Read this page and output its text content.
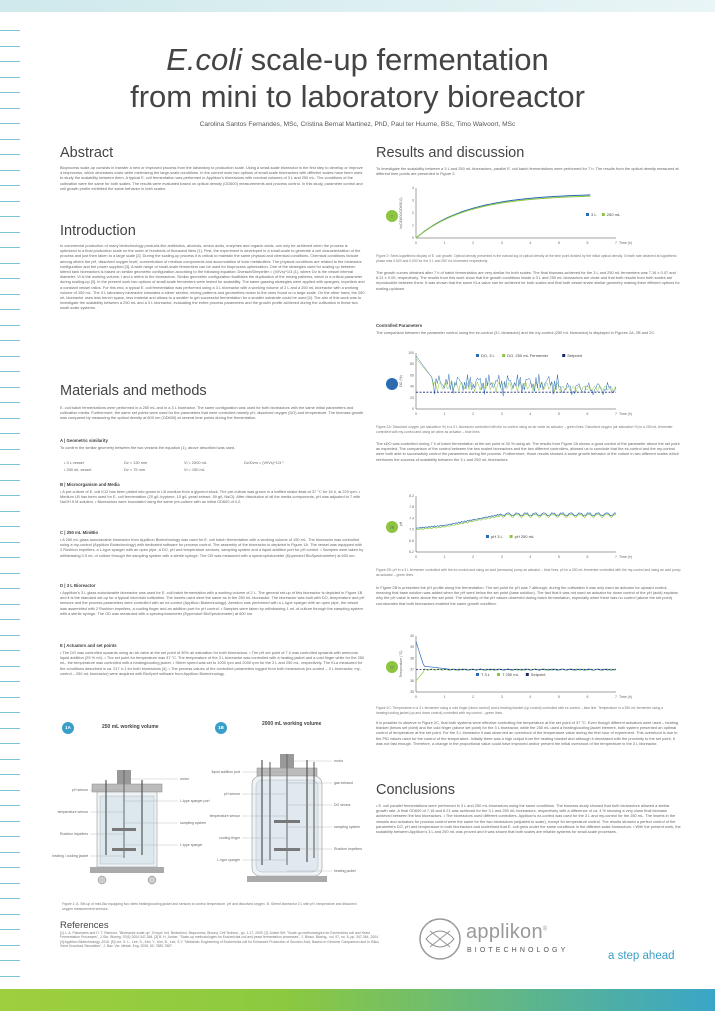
E.coli scale-up fermentation
from mini to laboratory bioreactor
Carolina Santos Fernandes, MSc, Cristina Bernal Martinez, PhD, Paul ter Huurne, BSc, Timo Walvoort, MSc
Abstract

Bioprocess scale-up consists in transfer a new or improved process from the laboratory to production scale. Using a small-scale bioreactor is the first step to develop or improve a bioprocess, which decreases costs while minimizing the large-scale conditions. In the current work two options of small-scale bioreactors with different scales have been used to study the scalability between them. A typical E. coli fermentation was performed in Applikon's bioreactors with nominal volumes of 3 L and 250 mL. The conditions of the cultivation were the same for both scales. The results were evaluated based on optical density (OD600) measurements and process control. In this study, parameter control and cell growth profile exhibited the same behavior in both scales.

Introduction

In commercial production of many biotechnology products like antibiotics, alcohols, amino acids, enzymes and organic acids, can only be achieved when the process is optimized to a final production scale on the order of hundreds of thousand liters [1]. First, the experiment is developed in a small-scale to generate a cell characterization of the process and just then taken to a large scale [2]. During the scaling-up process it is critical to maintain the same physical and chemical conditions. Chemical conditions include among others the pH, dissolved oxygen level, concentration of medium components and accumulation of toxic metabolites. The physical conditions are related to the bioreactor configuration and the power supplied [3]. A wide range of small-scale fermenters can be used for bioprocess optimization. One of the strategies used for scaling up between stirred tank bioreactors is based on similar geometric configuration according to the following equation: Dvessel/Dimpeller = (Vl/Vs)^1/3 (1), where Dv is the vessel internal diameter, Vl is the working volume, l and s refers to the bioreactors. Similar geometric configuration facilitates the duplication of the mixing patterns, which is a critical parameter during scaling-up [3]. In the present work two options of small-scale fermenters were tested for scalability. The same gassing strategies were applied with spargers, impellers and a constant vessel ratios. For this end, a typical E. coli fermentation was performed using a 3 L bioreactor with a working volume of 2 L and a 250 mL bioreactor with a working volume of 150 mL. The 3 L laboratory bioreactor simulates a stirrer section, mixing patterns and geometries closer to the ones found on a large-scale. On the other hand, the 250 mL bioreactor uses less bench space, less material and allows to a smaller to get successful fermentation for a smaller substrate could be used [4]. The aim of this work was to investigate the scalability between a 250 mL and a 3 L bioreactor, evaluating the entire process parameters and the growth profile achieved during the cultivation in these two small-scale systems.

Materials and methods

E. coli batch fermentations were performed in a 250 mL and in a 3 L bioreactor. The same configuration was used for both bioreactors with the same initial parameters and cultivation media. Furthermore, the same set points were used for the parameters that were controlled namely pH, dissolved oxygen (DO) and temperature. The biomass growth was compared by measuring the optical density at 600 nm (OD600) at several time points during the fermentation.

A | Geometric similarity

To confirm the similar geometry between the two vessels the equation (1), above described was used.

• 3 L vessel	Dv = 130 mm	Vl = 2000 mL	Dv/Dvm = (Vl/Vs)^1/3 *
• 250 mL vessel	Dv = 75 mm	Vl = 150 mL
B | Microorganism and Media

• A pre-culture of E. coli K12 has been plated into grown in LB medium from a glycerol stock. The pre-culture was grown in a baffled shake flask at 37 °C for 16 h, at 220 rpm. • Medium LB has been used for E. coli fermentation (20 g/L tryptone, 10 g/L yeast extract, 50 g/L NaCl). After dissolution of all the media components, pH was adjusted to 7 with NaOH 5 M solution. • Bioreactors were inoculated using the same pre-culture with an initial OD600 of 0.2.

C | 250 mL MiniBio

• A 250 mL glass autoclavable bioreactor from Applikon Biotechnology was used for E. coli batch fermentation with a working volume of 150 mL. The bioreactor was controlled using a my-control (Applikon Biotechnology) with dedicated software for process control. The assembly of the bioreactor is depicted in Figure 1A. The vessel was equipped with 2 Rushton impellers, a L-type sparger with an open pipe, a DO, pH and temperature sensors, sampling system and a liquid addition port for pH control. • Samples were taken by withdrawing 0.5 mL of culture through the sampling system with a sterile syringe. The OD was measured with a spectrophotometer (Eppendorf BioSpectrometer) at 600 nm.

D | 3 L Bioreactor

• Applikon's 3 L glass autoclavable bioreactor was used for E. coli batch fermentation with a working volume of 2 L. The general set-up of this bioreactor is depicted in Figure 1B and it is the standard set-up for a typical microbial cultivation. The inserts used were the same as in the 250 mL bioreactor. The bioreactor was built with DO, temperature and pH sensors and the process parameters were controlled with an ez-control (Applikon Biotechnology). Aeration was performed with a L-type sparger with an open pipe, the vessel was assembled with 2 Rushton impellers, a cooling finger and an addition port for pH control. • Samples were taken by withdrawing 1 mL of culture through the sampling system with a sterile syringe. The OD was measured with a spectrophotometer (Eppendorf BioSpectrometer) at 600 nm.

E | Actuators and set points

• The DO was controlled upwards using an air valve at the set point of 30% air saturation for both bioreactors. • The pH set point of 7.0 was controlled upwards with ammonia liquid addition (25 % v/v). • The set point for temperature was 37 °C. The temperature of the 3 L bioreactor was controlled with a heating jacket and a cold finger while for the 250 mL, the temperature was controlled with a heating/cooling jacket. • Stirrer speed was set to 1000 rpm and 2000 rpm for the 3 L and 250 mL, respectively. The KLa measured for the conditions described is ca. 217 h-1 for both bioreactors [4]. • The process values of the controlled parameters logged from both bioreactors (ez-control – 3 L bioreactor; my-control – 250 mL bioreactor) were acquired with BioXpert software from Applikon Biotechnology.

1A	250 mL working volume	1B
2000 mL working volume
motor
pH sensor
L-type sparger port
temperature sensor
sampling system
Rushton impellers
L-type sparger
heating / cooling jacket
motor
liquid addition port
gas exhaust
pH sensor
DO sensor
temperature sensor
sampling system
cooling finger
Rushton impellers
L-type sparger
heating jacket
Figure 1: A. Set-up of mini-Bio equipping two inlets heating/cooling jacket and sensors to control temperature, pH and dissolved oxygen. B: Stirred bioreactor 3 L with pH, temperature and dissolved oxygen measurement sensors.
References
[1] L. A. Palomares and O. T. Ramírez, "Bioreactor scale-up", Encycl. Ind. Biotechnol. Bioprocess, Bioseq. Cell Technol., pp. 1-17, 2009. [2] Junker BH, "Scale-up methodologies for Escherichia coli and Yeast Fermentation Processes", J. Bio. Bioeng. 97(6) 2004:347-364. [3] B. H. Junker, "Scale-up methodologies for Escherichia coli and yeast fermentation processes", J. Biosci. Bioeng., vol. 97, no. 6, pp. 347-364, 2004. [4] Applikon Biotechnology, 2016. [5] Lee, S. L., Lee, S., Kim, Y., Kim, B., Lee, S.Y. "Metabolic Engineering of Escherichia coli for Enhanced Production of Succinic Acid, Based on Genome Comparison and In Silico Gene Knockout Simulation", J. Bac. Ver. Metab. Eng. 2005, 50: 7880-7887.
Results and discussion

To investigate the scalability between a 3 L and 250 mL bioreactors, parallel E. coli batch fermentations were performed for 7 h. The results from the optical density measured at different time points are presented in Figure 2.

2
0	1	2	3	4	5	6	7
0
1
2
3
4
Time (h)
ln(OD600/OD600,0)	3 L	250 mL
Figure 2: Semi-logarithmic display of E. coli growth. Optical density presented is the natural log of optical density at the time point divided by the initial optical density. Growth rate obtained at logarithmic phase was 0.620 and 0.630 for the 3 L and 250 mL bioreactor respectively.

The growth curves obtained after 7 h of batch fermentation are very similar for both scales. The final biomass achieved for the 3 L and 250 mL fermenters was 7.16 ± 0.07 and 6.21 ± 0.09, respectively. The results from this work show that the growth conditions inside a 3 L and 250 mL bioreactors are close and that both results from both scales are reproducible between them. It was shown that the same KLa value can be achieved for both scales and that both vessel share similar geometry making them efficient options for scaling-up/down.

Controlled Parameters

The comparison between the parameter control using the ez-control (3 L bioreactor) and the my-control (250 mL bioreactor) is displayed in Figures 2A, 2B and 2C.

2A
0	1	2	3	4	5	6	7
0
20
40
60
80
100
Time (h)
DO (%)
DO, 3 L	DO, 250 mL Fermenter	Setpoint
Figure 2A: Dissolved oxygen (air saturation %) in a 3 L bioreactor controlled with the ez-control using an air valve as actuator – green lines. Dissolved oxygen (air saturation %) in a 250 mL fermenter controlled with my-control and using air valve as actuator – blue lines.

The sDO was controlled during 7 h of batch fermentation at the set point of 30 % using air. The results from Figure 2A shown a good control of the parameter above the set point as expected. The comparison of the control between the two scaled bioreactors and the two different controllers, allowed us to conclude that the ez-control and the my-control were both able to successfully control the parameters during the process. Furthermore, those results showed a same growth behavior of the culture in two different scales which reinforces the success of scalability between the 3 L and 250 mL bioreactors.

2B
0	1	2	3	4	5	6	7
6.2
6.6
7.0
7.4
7.8
8.2
Time (h)
pH
pH 3 L	pH 250 mL
Figure 2B: pH in a 3 L fermenter controlled with the ez-control and using an acid (ammonia) pump as actuator – blue lines. pH in a 250 mL fermenter controlled with the my-control and using an acid pump as actuator – green lines.

In Figure 2B is presented the pH profile along the fermentation. The set point for pH was 7 although, during the cultivation it was only used an actuator for upward control, meaning that base solution was added when the pH went below the set point (base solution). The fact that it was not used an actuator for down control of the pH (acid) explains why the pH value is seen above the set point. The similarity of the pH values observed during batch fermentation, especially when there was no control (above the set point) corroborates that both bioreactors enabled the same growth condition.

2C
0	1	2	3	4	5	6	7
35
36
37
38
39
40
Time (h)
Temperature (°C)	T 3 L	T 250 mL	Setpoint
Figure 2C: Temperature in a 3 L fermenter using a cold finger (down control) and a heating blanket (up control) controlled with ez-control – blue line. Temperature in a 250 mL fermenter using a heating/cooling jacket (up and down control) controlled with my-control – green lines.

It is possible to observe in Figure 2C, that both systems were effective controlling the temperature at the set point of 37 °C. Even though different actuators were used – heating blanket (below set point) and the cold finger (above set point) for the 3 L bioreactor, while the 250 mL used a heating/cooling jacket element, both system presented an optimal control of temperature at the set point. For the 3 L bioreactor it was observed an overshoot of the temperature value during the first hour of experiment. This overshoot is due to the PID values used for the control of the temperature. Initially there was a high output from the heating blanket and although it decreased with the proximity to the set point, it was not fast enough. Therefore, a change in the proportional value could have improved and/or prevent the initial overshoot of the temperature in the 3 L bioreactor.

Conclusions

• E. coli parallel fermentations were performed in 3 L and 250 mL bioreactors using the same conditions. The biomass study showed that both bioreactors allowed a similar growth rate. A final OD600 of 7.16 and 6.21 was achieved for the 3 L and 250 mL bioreactors, respectively with a difference of ca. 4 % showing a very close final biomass achieved between the two bioreactors. • The bioreactors used different controllers, Applikon's ez-control was used for the 3 L and my-control for the 250 mL. The inserts in the vessels and actuators for process control were the same for the two bioreactors (adjusted to scale), except for temperature control. The results showed a perfect control of the parameters DO, pH and temperature in both bioreactors and underlined that E. coli grew under the same conditions in the different scale bioreactors. • With the present work, the scalability between Applikon's 3 L and 250 mL was proved and it was shown that both scales are reliable systems for small-scale processes.

applikon®
BIOTECHNOLOGY	a step ahead
